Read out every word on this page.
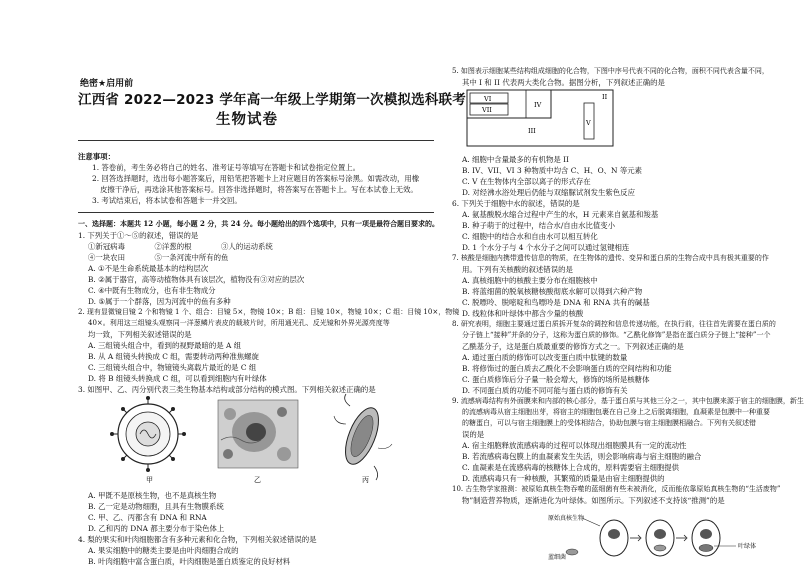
绝密★启用前
江西省 2022—2023 学年高一年级上学期第一次模拟选科联考
生物试卷
注意事项：
1. 答卷前，考生务必将自己的姓名、准考证号等填写在答题卡和试卷指定位置上。
2. 回答选择题时，选出每小题答案后，用铅笔把答题卡上对应题目的答案标号涂黑。如需改动，用橡
皮擦干净后，再选涂其他答案标号。回答非选择题时，将答案写在答题卡上。写在本试卷上无效。
3. 考试结束后，将本试卷和答题卡一并交回。
一、选择题：本题共 12 小题，每小题 2 分，共 24 分。每小题给出的四个选项中，只有一项是最符合题目要求的。
1. 下列关于①～⑤的叙述，错误的是
①新冠病毒　　　　②洋葱的根　　　　③人的运动系统
④一块农田　　　　⑤一条河流中所有的鱼
A. ①不是生命系统最基本的结构层次
B. ②属于器官，高等动植物体具有该层次，植物没有③对应的层次
C. ④中既有生物成分，也有非生物成分
D. ⑤属于一个群落，因为河流中的鱼有多种
2. 现有显微镜目镜 2 个和物镜 1 个、组合：目镜 5×，物镜 10×；B 组：目镜 10×，物镜 10×；C 组：目镜 10×，物镜
40×。利用这三组镜头观察同一洋葱鳞片表皮的载玻片时，所用通光孔、反光镜和外界光源亮度等
均一致，下列相关叙述错误的是
A. 三组镜头组合中，看到的视野最暗的是 A 组
B. 从 A 组镜头转换成 C 组，需要转动两种准焦螺旋
C. 三组镜头组合中，物镜镜头离载片最近的是 C 组
D. 将 B 组镜头转换成 C 组，可以看到细胞内有叶绿体
3. 如图甲、乙、丙分别代表三类生物基本结构或部分结构的模式图。下列相关叙述正确的是
甲	乙	丙
A. 甲既不是原核生物，也不是真核生物
B. 乙一定是动物细胞，且具有生物膜系统
C. 甲、乙、丙都含有 DNA 和 RNA
D. 乙和丙的 DNA 都主要分布于染色体上
4. 梨的果实和叶肉细胞都含有多种元素和化合物，下列相关叙述错误的是
A. 果实细胞中的糖类主要是由叶肉细胞合成的
B. 叶肉细胞中富含蛋白质，叶肉细胞是蛋白质鉴定的良好材料
5. 如图表示细胞某些结构组成细胞的化合物，下图中序号代表不同的化合物，面积不同代表含量不同，
其中 I 和 II 代表两大类化合物。据图分析，下列叙述正确的是
VI
VII
IV
V
II
III
A. 细胞中含量最多的有机物是 II
B. IV、VII、VI 3 种物质中均含 C、H、O、N 等元素
C. V 在生物体内全部以离子的形式存在
D. 对经沸水浴处理后仍能与双缩脲试剂发生紫色反应
6. 下列关于细胞中水的叙述，错误的是
A. 氨基酸脱水缩合过程中产生的水，H 元素来自氨基和羧基
B. 种子萌于的过程中，结合水/自由水比值变小
C. 细胞中的结合水和自由水可以相互转化
D. 1 个水分子与 4 个水分子之间可以通过氢键相连
7. 核酸是细胞内携带遗传信息的物质，在生物体的遗传、变异和蛋白质的生物合成中具有极其重要的作
用。下列有关核酸的叙述错误的是
A. 真核细胞中的核酸主要分布在细胞核中
B. 将蓝细菌的脱氧核糖核酸彻底水解可以得到六种产物
C. 脱嘌呤、脱嘧啶和鸟嘌呤是 DNA 和 RNA 共有的碱基
D. 线粒体和叶绿体中都含少量的核酸
8. 研究表明，细胞主要通过蛋白质拆开复杂的调控和信息传递功能，在执行前，往往首先需要在蛋白质的
分子链上“接种”并条的分子，这称为蛋白质的修饰。“乙酰化修饰”是指在蛋白质分子链上“接种”一个
乙酰基分子，这是蛋白质最重要的修饰方式之一。下列叙述正确的是
A. 通过蛋白质的修饰可以改变蛋白质中肽键的数量
B. 将修饰过的蛋白质去乙酰化不会影响蛋白质的空间结构和功能
C. 蛋白质修饰后分子量一般会增大，修饰的场所是核糖体
D. 不同蛋白质的功能不同可能与蛋白质的修饰有关
9. 流感病毒结构有外面膜来和内部的核心部分，基于蛋白质与其他三分之一，其中包膜来源于宿主的细胞膜，新生
的流感病毒从宿主细胞出芽，将宿主的细胞包裹在自己身上之后脱离细胞，血凝素是包膜中一种重要
的糖蛋白，可以与宿主细胞膜上的受体相结合，协助包膜与宿主细胞膜相融合。下列有关叙述错
误的是
A. 宿主细胞释放流感病毒的过程可以体现出细胞膜具有一定的流动性
B. 若流感病毒包膜上的血凝素发生失活，则会影响病毒与宿主细胞的融合
C. 血凝素是在流感病毒的核糖体上合成的，原料需要宿主细胞提供
D. 流感病毒只有一种核酸，其繁殖的质量是由宿主细胞提供的
10. 古生物学家推测：被原始真核生物吞噬的蓝细菌有些未被消化，反而能依靠原始真核生物的“生活废物”
物”制造营养物质，逐渐进化为叶绿体。如图所示。下列叙述不支持该“推测”的是
原始真核生物
叶绿体
蓝细菌
